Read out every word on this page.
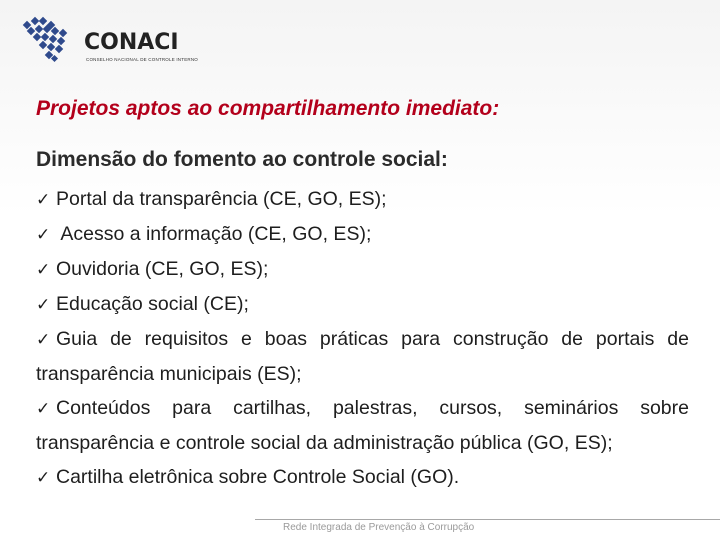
CONACI
CONSELHO NACIONAL DE CONTROLE INTERNO
Projetos aptos ao compartilhamento imediato:
Dimensão do fomento ao controle social:

✓ Portal da transparência (CE, GO, ES);

✓ Acesso a informação (CE, GO, ES);

✓ Ouvidoria (CE, GO, ES);

✓ Educação social (CE);

✓ Guia de requisitos e boas práticas para construção de portais de transparência municipais (ES);

✓ Conteúdos para cartilhas, palestras, cursos, seminários sobre transparência e controle social da administração pública (GO, ES);

✓ Cartilha eletrônica sobre Controle Social (GO).

Rede Integrada de Prevenção à Corrupção
